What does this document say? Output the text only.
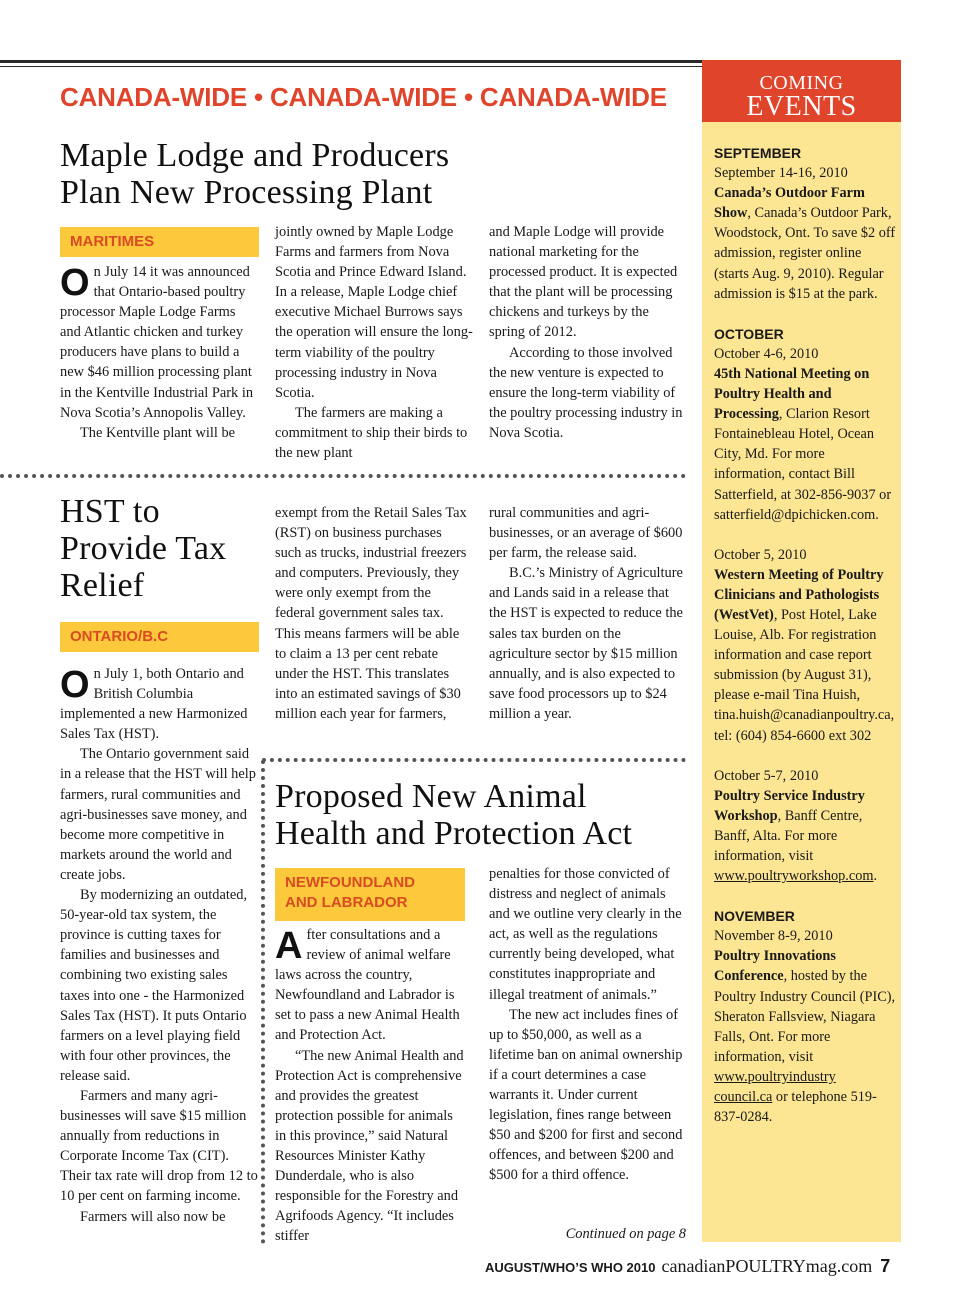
CANADA-WIDE • CANADA-WIDE • CANADA-WIDE	COMING
EVENTS
SEPTEMBER
September 14-16, 2010
Canada’s Outdoor Farm Show, Canada’s Outdoor Park, Woodstock, Ont. To save $2 off admission, register online (starts Aug. 9, 2010). Regular admission is $15 at the park.
OCTOBER
October 4-6, 2010
45th National Meeting on Poultry Health and Processing, Clarion Resort Fontainebleau Hotel, Ocean City, Md. For more information, contact Bill Satterfield, at 302-856-9037 or satterfield@dpichicken.com.
October 5, 2010
Western Meeting of Poultry Clinicians and Pathologists (WestVet), Post Hotel, Lake Louise, Alb. For registration information and case report submission (by August 31), please e-mail Tina Huish, tina.huish@canadianpoultry.ca, tel: (604) 854-6600 ext 302
October 5-7, 2010
Poultry Service Industry Workshop, Banff Centre, Banff, Alta. For more information, visit www.poultryworkshop.com.
NOVEMBER
November 8-9, 2010
Poultry Innovations Conference, hosted by the Poultry Industry Council (PIC), Sheraton Fallsview, Niagara Falls, Ont. For more information, visit www.poultryindustry council.ca or telephone 519-837-0284.
Maple Lodge and Producers
Plan New Processing Plant
MARITIMES

On July 14 it was announced that Ontario-based poultry processor Maple Lodge Farms and Atlantic chicken and turkey producers have plans to build a new $46 million processing plant in the Kentville Industrial Park in Nova Scotia’s Annopolis Valley.

The Kentville plant will be

jointly owned by Maple Lodge Farms and farmers from Nova Scotia and Prince Edward Island. In a release, Maple Lodge chief executive Michael Burrows says the operation will ensure the long-term viability of the poultry processing industry in Nova Scotia.

The farmers are making a commitment to ship their birds to the new plant

and Maple Lodge will provide national marketing for the processed product. It is expected that the plant will be processing chickens and turkeys by the spring of 2012.

According to those involved the new venture is expected to ensure the long-term viability of the poultry processing industry in Nova Scotia.

HST to
Provide Tax
Relief
ONTARIO/B.C

On July 1, both Ontario and British Columbia implemented a new Harmonized Sales Tax (HST).

The Ontario government said in a release that the HST will help farmers, rural communities and agri-businesses save money, and become more competitive in markets around the world and create jobs.

By modernizing an outdated, 50-year-old tax system, the province is cutting taxes for families and businesses and combining two existing sales taxes into one - the Harmonized Sales Tax (HST). It puts Ontario farmers on a level playing field with four other provinces, the release said.

Farmers and many agri-businesses will save $15 million annually from reductions in Corporate Income Tax (CIT). Their tax rate will drop from 12 to 10 per cent on farming income.

Farmers will also now be

exempt from the Retail Sales Tax (RST) on business purchases such as trucks, industrial freezers and computers. Previously, they were only exempt from the federal government sales tax. This means farmers will be able to claim a 13 per cent rebate under the HST. This translates into an estimated savings of $30 million each year for farmers,

rural communities and agri-businesses, or an average of $600 per farm, the release said.

B.C.’s Ministry of Agriculture and Lands said in a release that the HST is expected to reduce the sales tax burden on the agriculture sector by $15 million annually, and is also expected to save food processors up to $24 million a year.

Proposed New Animal
Health and Protection Act
NEWFOUNDLAND
AND LABRADOR

After consultations and a review of animal welfare laws across the country, Newfoundland and Labrador is set to pass a new Animal Health and Protection Act.

“The new Animal Health and Protection Act is comprehensive and provides the greatest protection possible for animals in this province,” said Natural Resources Minister Kathy Dunderdale, who is also responsible for the Forestry and Agrifoods Agency. “It includes stiffer

penalties for those convicted of distress and neglect of animals and we outline very clearly in the act, as well as the regulations currently being developed, what constitutes inappropriate and illegal treatment of animals.”

The new act includes fines of up to $50,000, as well as a lifetime ban on animal ownership if a court determines a case warrants it. Under current legislation, fines range between $50 and $200 for first and second offences, and between $200 and $500 for a third offence.

Continued on page 8
AUGUST/WHO’S WHO 2010 canadianPOULTRYmag.com 7
